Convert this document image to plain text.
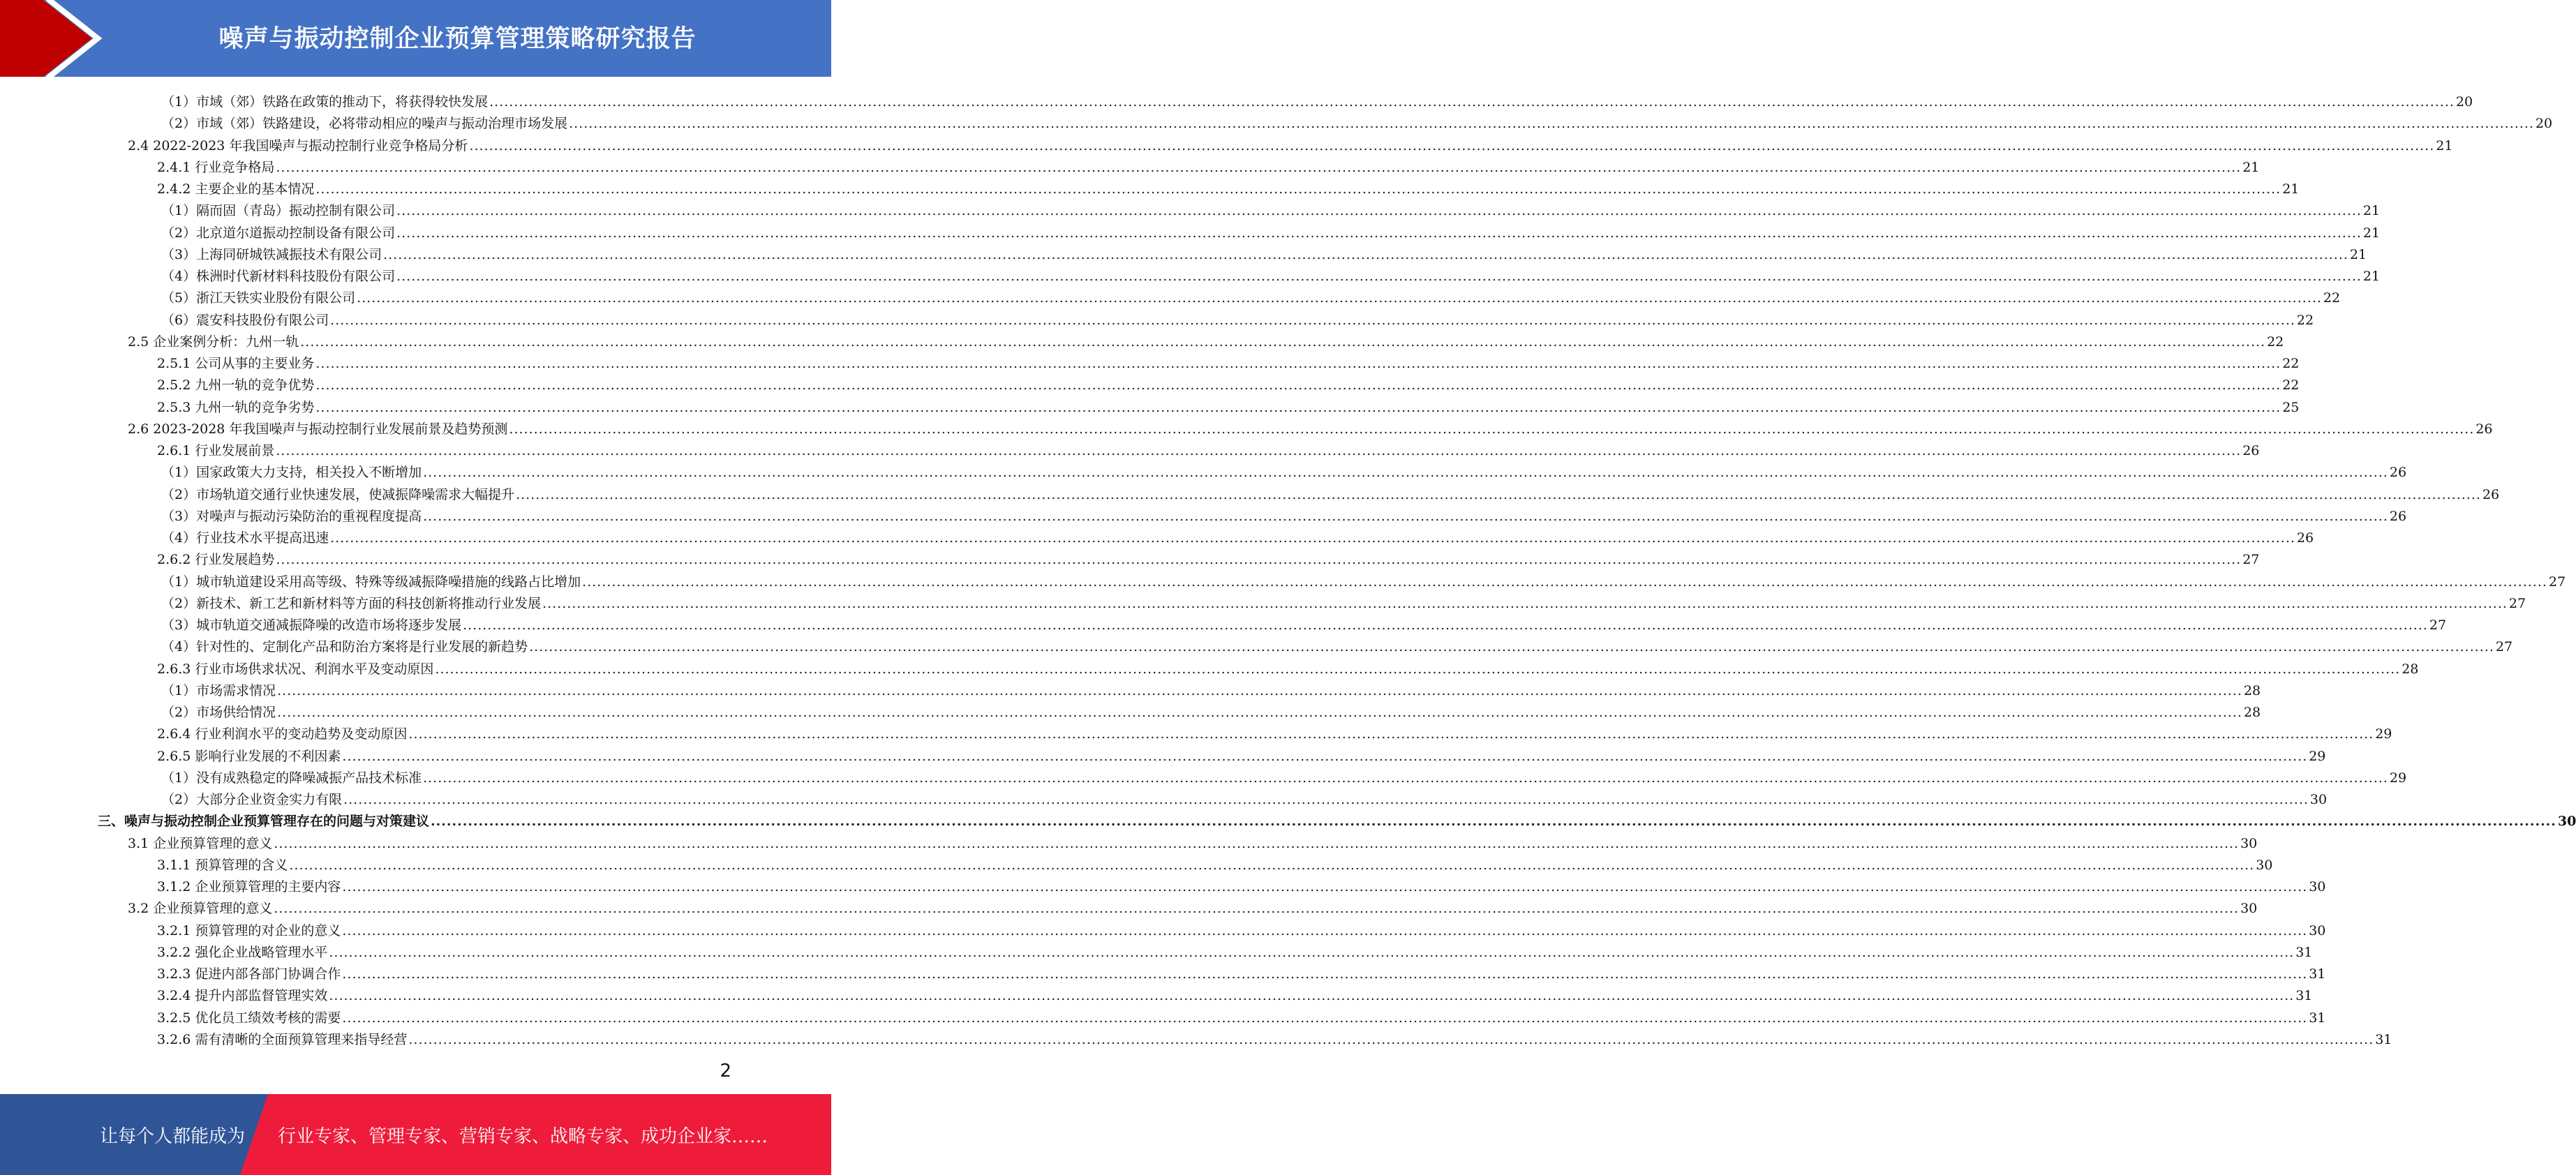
噪声与振动控制企业预算管理策略研究报告
（1）市域（郊）铁路在政策的推动下，将获得较快发展 ................................................................................................................................................................................................................................................................................................................................................................................................................ 20
（2）市域（郊）铁路建设，必将带动相应的噪声与振动治理市场发展 ................................................................................................................................................................................................................................................................................................................................................................................................................ 20
2.4 2022-2023 年我国噪声与振动控制行业竞争格局分析 ................................................................................................................................................................................................................................................................................................................................................................................................................ 21
2.4.1 行业竞争格局 ................................................................................................................................................................................................................................................................................................................................................................................................................ 21
2.4.2 主要企业的基本情况 ................................................................................................................................................................................................................................................................................................................................................................................................................ 21
（1）隔而固（青岛）振动控制有限公司 ................................................................................................................................................................................................................................................................................................................................................................................................................ 21
（2）北京道尔道振动控制设备有限公司 ................................................................................................................................................................................................................................................................................................................................................................................................................ 21
（3）上海同研城铁减振技术有限公司 ................................................................................................................................................................................................................................................................................................................................................................................................................ 21
（4）株洲时代新材料科技股份有限公司 ................................................................................................................................................................................................................................................................................................................................................................................................................ 21
（5）浙江天铁实业股份有限公司 ................................................................................................................................................................................................................................................................................................................................................................................................................ 22
（6）震安科技股份有限公司 ................................................................................................................................................................................................................................................................................................................................................................................................................ 22
2.5 企业案例分析：九州一轨 ................................................................................................................................................................................................................................................................................................................................................................................................................ 22
2.5.1 公司从事的主要业务 ................................................................................................................................................................................................................................................................................................................................................................................................................ 22
2.5.2 九州一轨的竞争优势 ................................................................................................................................................................................................................................................................................................................................................................................................................ 22
2.5.3 九州一轨的竞争劣势 ................................................................................................................................................................................................................................................................................................................................................................................................................ 25
2.6 2023-2028 年我国噪声与振动控制行业发展前景及趋势预测 ................................................................................................................................................................................................................................................................................................................................................................................................................ 26
2.6.1 行业发展前景 ................................................................................................................................................................................................................................................................................................................................................................................................................ 26
（1）国家政策大力支持，相关投入不断增加 ................................................................................................................................................................................................................................................................................................................................................................................................................ 26
（2）市场轨道交通行业快速发展，使减振降噪需求大幅提升 ................................................................................................................................................................................................................................................................................................................................................................................................................ 26
（3）对噪声与振动污染防治的重视程度提高 ................................................................................................................................................................................................................................................................................................................................................................................................................ 26
（4）行业技术水平提高迅速 ................................................................................................................................................................................................................................................................................................................................................................................................................ 26
2.6.2 行业发展趋势 ................................................................................................................................................................................................................................................................................................................................................................................................................ 27
（1）城市轨道建设采用高等级、特殊等级减振降噪措施的线路占比增加 ................................................................................................................................................................................................................................................................................................................................................................................................................ 27
（2）新技术、新工艺和新材料等方面的科技创新将推动行业发展 ................................................................................................................................................................................................................................................................................................................................................................................................................ 27
（3）城市轨道交通减振降噪的改造市场将逐步发展 ................................................................................................................................................................................................................................................................................................................................................................................................................ 27
（4）针对性的、定制化产品和防治方案将是行业发展的新趋势 ................................................................................................................................................................................................................................................................................................................................................................................................................ 27
2.6.3 行业市场供求状况、利润水平及变动原因 ................................................................................................................................................................................................................................................................................................................................................................................................................ 28
（1）市场需求情况 ................................................................................................................................................................................................................................................................................................................................................................................................................ 28
（2）市场供给情况 ................................................................................................................................................................................................................................................................................................................................................................................................................ 28
2.6.4 行业利润水平的变动趋势及变动原因 ................................................................................................................................................................................................................................................................................................................................................................................................................ 29
2.6.5 影响行业发展的不利因素 ................................................................................................................................................................................................................................................................................................................................................................................................................ 29
（1）没有成熟稳定的降噪减振产品技术标准 ................................................................................................................................................................................................................................................................................................................................................................................................................ 29
（2）大部分企业资金实力有限 ................................................................................................................................................................................................................................................................................................................................................................................................................ 30
三、噪声与振动控制企业预算管理存在的问题与对策建议 ................................................................................................................................................................................................................................................................................................................................................................................................................ 30
3.1 企业预算管理的意义 ................................................................................................................................................................................................................................................................................................................................................................................................................ 30
3.1.1 预算管理的含义 ................................................................................................................................................................................................................................................................................................................................................................................................................ 30
3.1.2 企业预算管理的主要内容 ................................................................................................................................................................................................................................................................................................................................................................................................................ 30
3.2 企业预算管理的意义 ................................................................................................................................................................................................................................................................................................................................................................................................................ 30
3.2.1 预算管理的对企业的意义 ................................................................................................................................................................................................................................................................................................................................................................................................................ 30
3.2.2 强化企业战略管理水平 ................................................................................................................................................................................................................................................................................................................................................................................................................ 31
3.2.3 促进内部各部门协调合作 ................................................................................................................................................................................................................................................................................................................................................................................................................ 31
3.2.4 提升内部监督管理实效 ................................................................................................................................................................................................................................................................................................................................................................................................................ 31
3.2.5 优化员工绩效考核的需要 ................................................................................................................................................................................................................................................................................................................................................................................................................ 31
3.2.6 需有清晰的全面预算管理来指导经营 ................................................................................................................................................................................................................................................................................................................................................................................................................ 31
2
让每个人都能成为 行业专家、管理专家、营销专家、战略专家、成功企业家……
